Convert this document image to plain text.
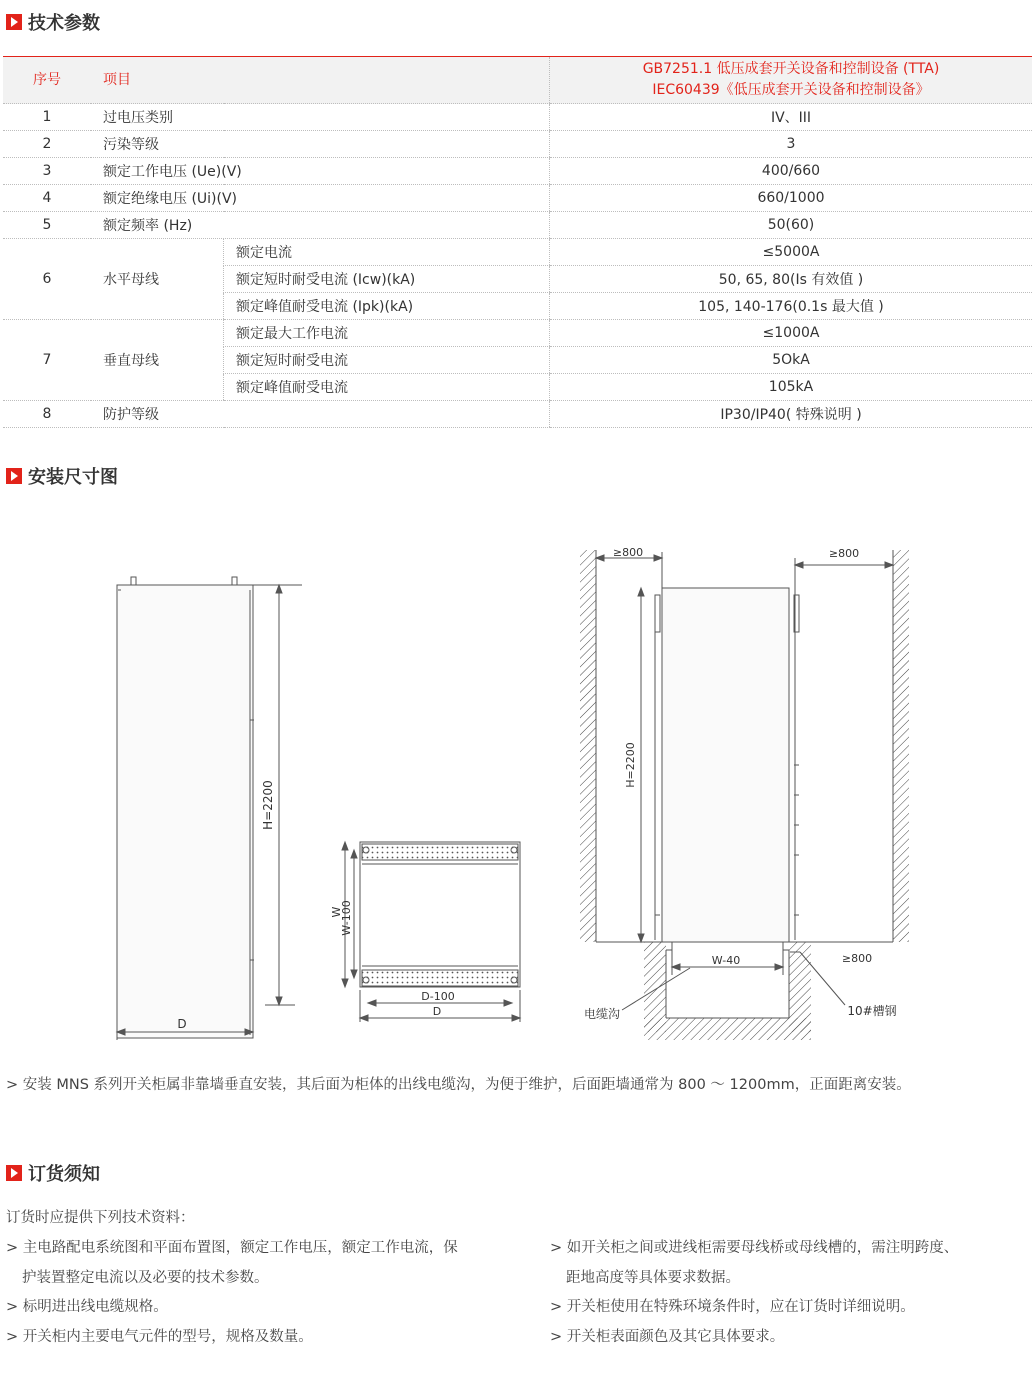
技术参数
序号	项目		GB7251.1 低压成套开关设备和控制设备 (TTA)
IEC60439《低压成套开关设备和控制设备》

1	过电压类别		IV、III
2	污染等级		3
3	额定工作电压 (Ue)(V)		400/660
4	额定绝缘电压 (Ui)(V)		660/1000
5	额定频率 (Hz)		50(60)
6	水平母线	额定电流	≤5000A
		额定短时耐受电流 (Icw)(kA)	50, 65, 80(Is 有效值 )
		额定峰值耐受电流 (Ipk)(kA)	105, 140-176(0.1s 最大值 )
7	垂直母线	额定最大工作电流	≤1000A
		额定短时耐受电流	5OkA
		额定峰值耐受电流	105kA
8	防护等级		IP30/IP40( 特殊说明 )
安装尺寸图
H=2200
D
W
W-100
D-100
D
H=2200
≥800	≥800
≥800
W-40
电缆沟	10#槽钢
> 安装 MNS 系列开关柜属非靠墙垂直安装，其后面为柜体的出线电缆沟，为便于维护，后面距墙通常为 800 ～ 1200mm，正面距离安装。
订货须知
订货时应提供下列技术资料：

> 主电路配电系统图和平面布置图，额定工作电压，额定工作电流，保

护装置整定电流以及必要的技术参数。

> 标明进出线电缆规格。

> 开关柜内主要电气元件的型号，规格及数量。

> 如开关柜之间或进线柜需要母线桥或母线槽的，需注明跨度、

距地高度等具体要求数据。

> 开关柜使用在特殊环境条件时，应在订货时详细说明。

> 开关柜表面颜色及其它具体要求。
